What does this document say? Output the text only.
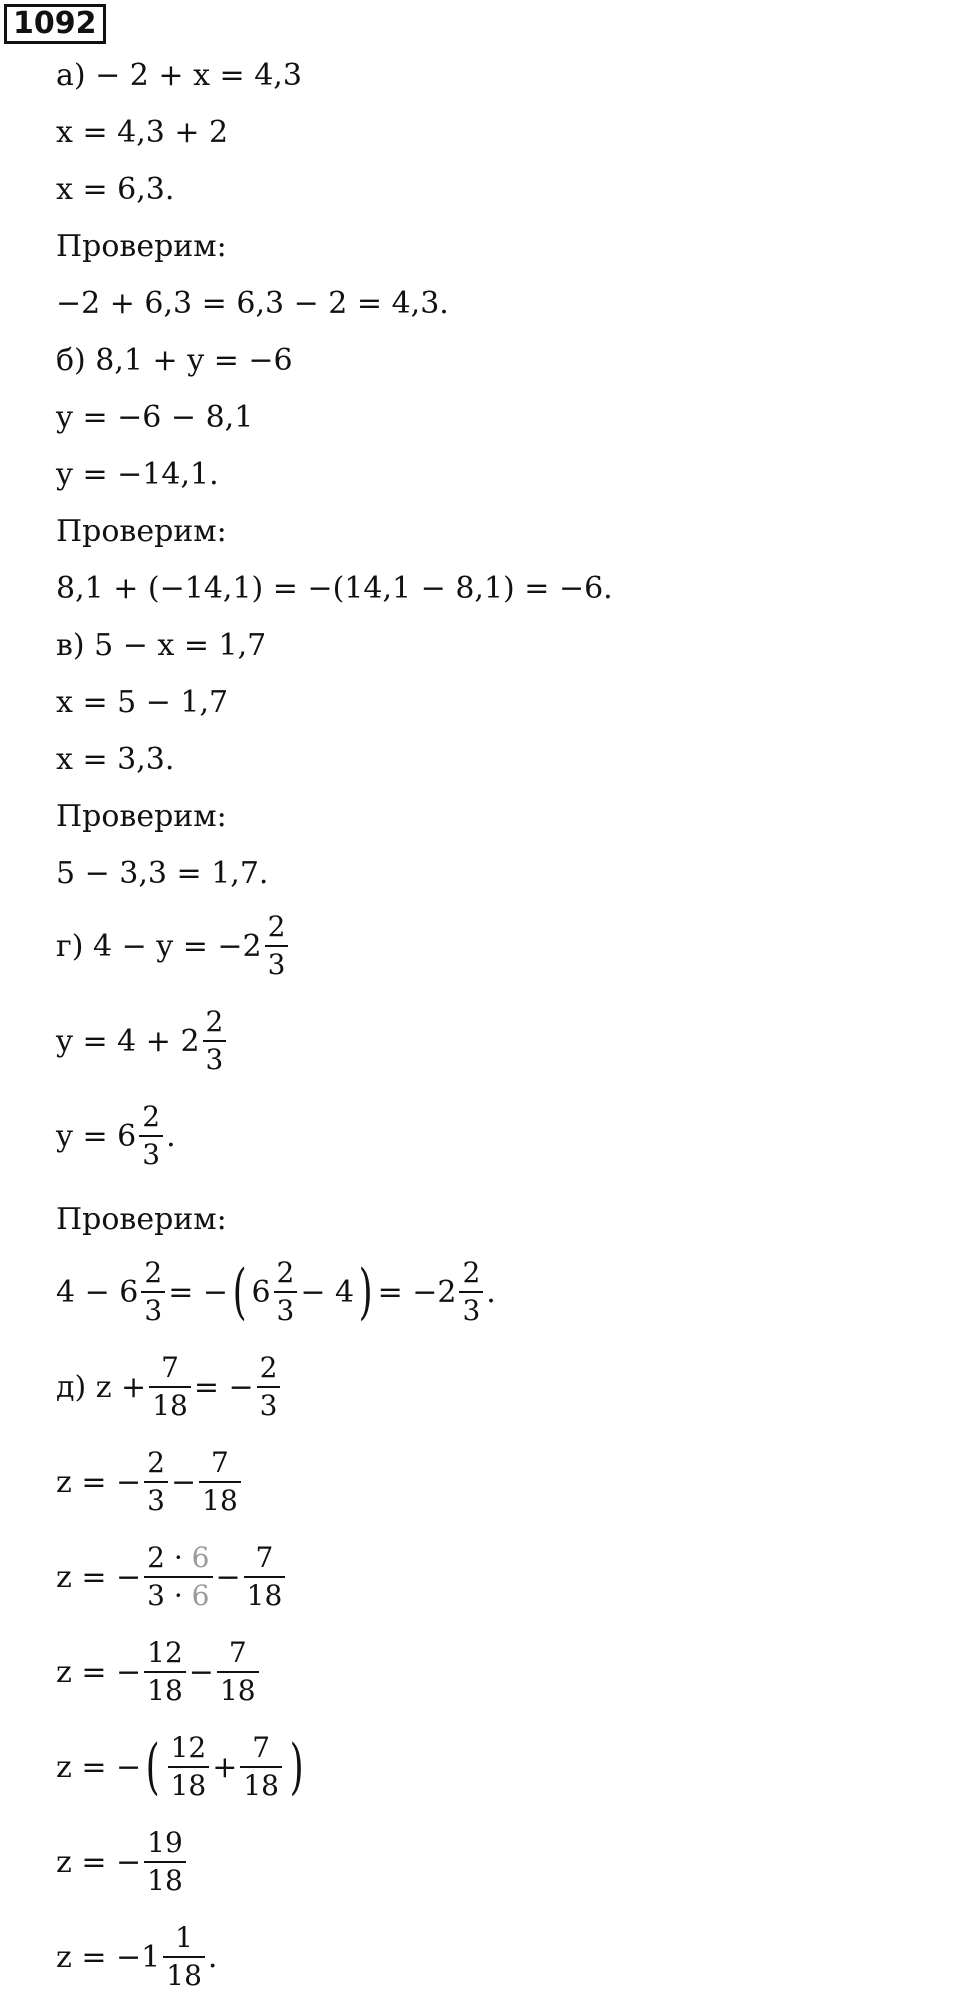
1092
а) − 2 + x = 4,3
x = 4,3 + 2
x = 6,3.
Проверим:
−2 + 6,3 = 6,3 − 2 = 4,3.
б) 8,1 + y = −6
y = −6 − 8,1
y = −14,1.
Проверим:
8,1 + (−14,1) = −(14,1 − 8,1) = −6.
в) 5 − x = 1,7
x = 5 − 1,7
x = 3,3.
Проверим:
5 − 3,3 = 1,7.
г) $4 - y = -2 \frac{2}{3}$
$y = 4 + 2 \frac{2}{3}$
$y = 6 \frac{2}{3}$ .
Проверим:
$4 - 6 \frac{2}{3}$ = − ( $6 \frac{2}{3} - 4$ ) = $-2 \frac{2}{3}$ .
д) $z + \frac{7}{18}$ = − $\frac{2}{3}$
z = − $\frac{2}{3} - \frac{7}{18}$
z = − $\frac{2 \cdot 6}{3 \cdot 6} - \frac{7}{18}$
z = − $\frac{12}{18} - \frac{7}{18}$
z = − ( $\frac{12}{18} + \frac{7}{18}$ )
z = − $\frac{19}{18}$
$z = -1 \frac{1}{18}$ .
